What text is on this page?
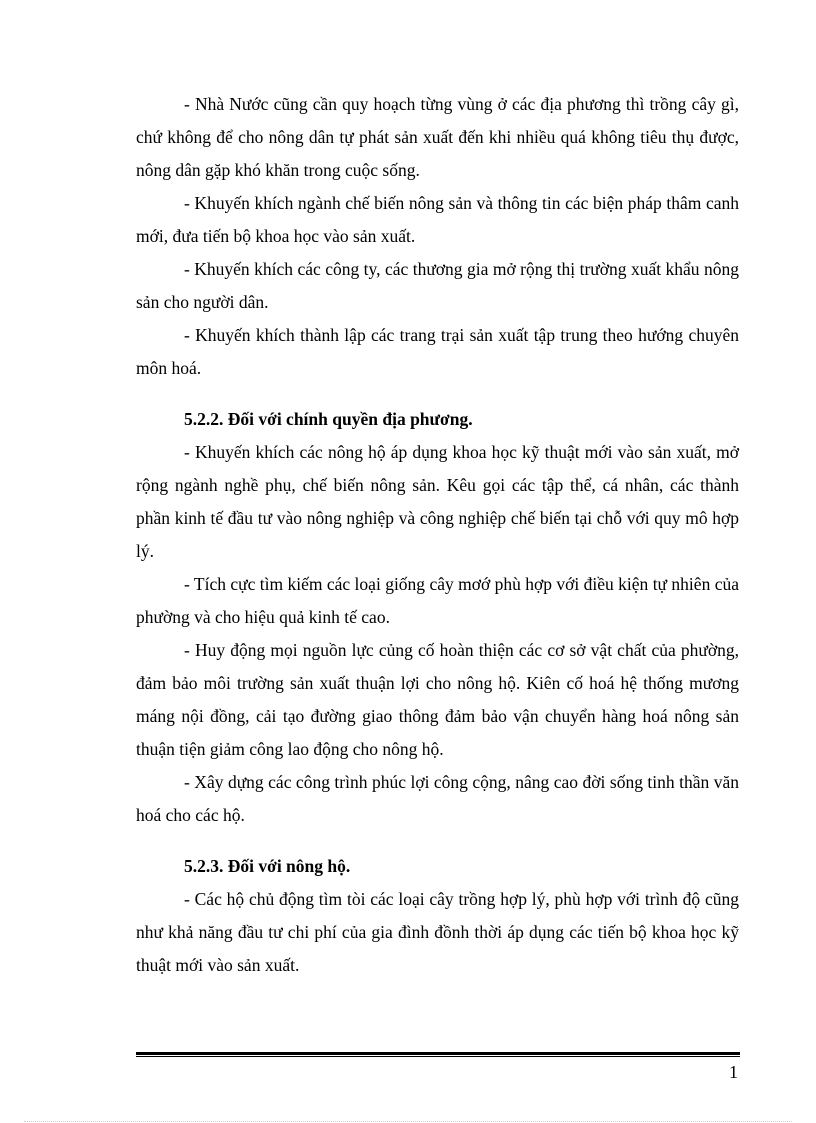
- Nhà Nước cũng cần quy hoạch từng vùng ở các địa phương thì trồng cây gì, chứ không để cho nông dân tự phát sản xuất đến khi nhiều quá không tiêu thụ được, nông dân gặp khó khăn trong cuộc sống.

- Khuyến khích ngành chế biến nông sản và thông tin các biện pháp thâm canh mới, đưa tiến bộ khoa học vào sản xuất.

- Khuyến khích các công ty, các thương gia mở rộng thị trường xuất khẩu nông sản cho người dân.

- Khuyến khích thành lập các trang trại sản xuất tập trung theo hướng chuyên môn hoá.

5.2.2. Đối với chính quyền địa phương.

- Khuyến khích các nông hộ áp dụng khoa học kỹ thuật mới vào sản xuất, mở rộng ngành nghề phụ, chế biến nông sản. Kêu gọi các tập thể, cá nhân, các thành phần kinh tế đầu tư vào nông nghiệp và công nghiệp chế biến tại chỗ với quy mô hợp lý.

- Tích cực tìm kiếm các loại giống cây mơớ phù hợp với điều kiện tự nhiên của phường và cho hiệu quả kinh tế cao.

- Huy động mọi nguồn lực củng cố hoàn thiện các cơ sở vật chất của phường, đảm bảo môi trường sản xuất thuận lợi cho nông hộ. Kiên cố hoá hệ thống mương máng nội đồng, cải tạo đường giao thông đảm bảo vận chuyển hàng hoá nông sản thuận tiện giảm công lao động cho nông hộ.

- Xây dựng các công trình phúc lợi công cộng, nâng cao đời sống tinh thần văn hoá cho các hộ.

5.2.3. Đối với nông hộ.

- Các hộ chủ động tìm tòi các loại cây trồng hợp lý, phù hợp với trình độ cũng như khả năng đầu tư chi phí của gia đình đồnh thời áp dụng các tiến bộ khoa học kỹ thuật mới vào sản xuất.

1
